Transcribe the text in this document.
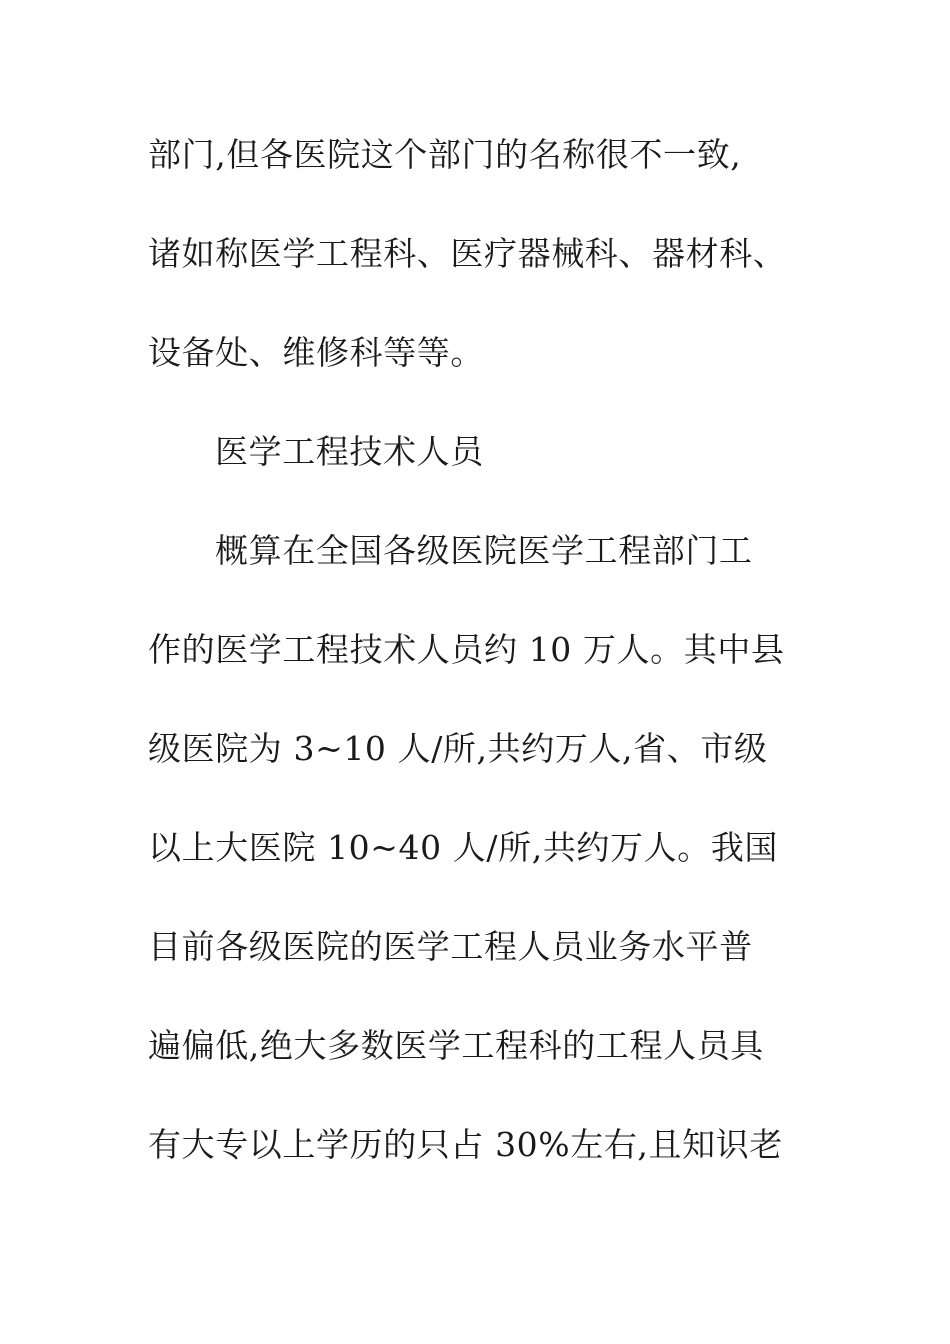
部门,但各医院这个部门的名称很不一致,
诸如称医学工程科、医疗器械科、器材科、
设备处、维修科等等。
医学工程技术人员
概算在全国各级医院医学工程部门工
作的医学工程技术人员约 10 万人。其中县
级医院为 3~10 人/所,共约万人,省、市级
以上大医院 10~40 人/所,共约万人。我国
目前各级医院的医学工程人员业务水平普
遍偏低,绝大多数医学工程科的工程人员具
有大专以上学历的只占 30%左右,且知识老
